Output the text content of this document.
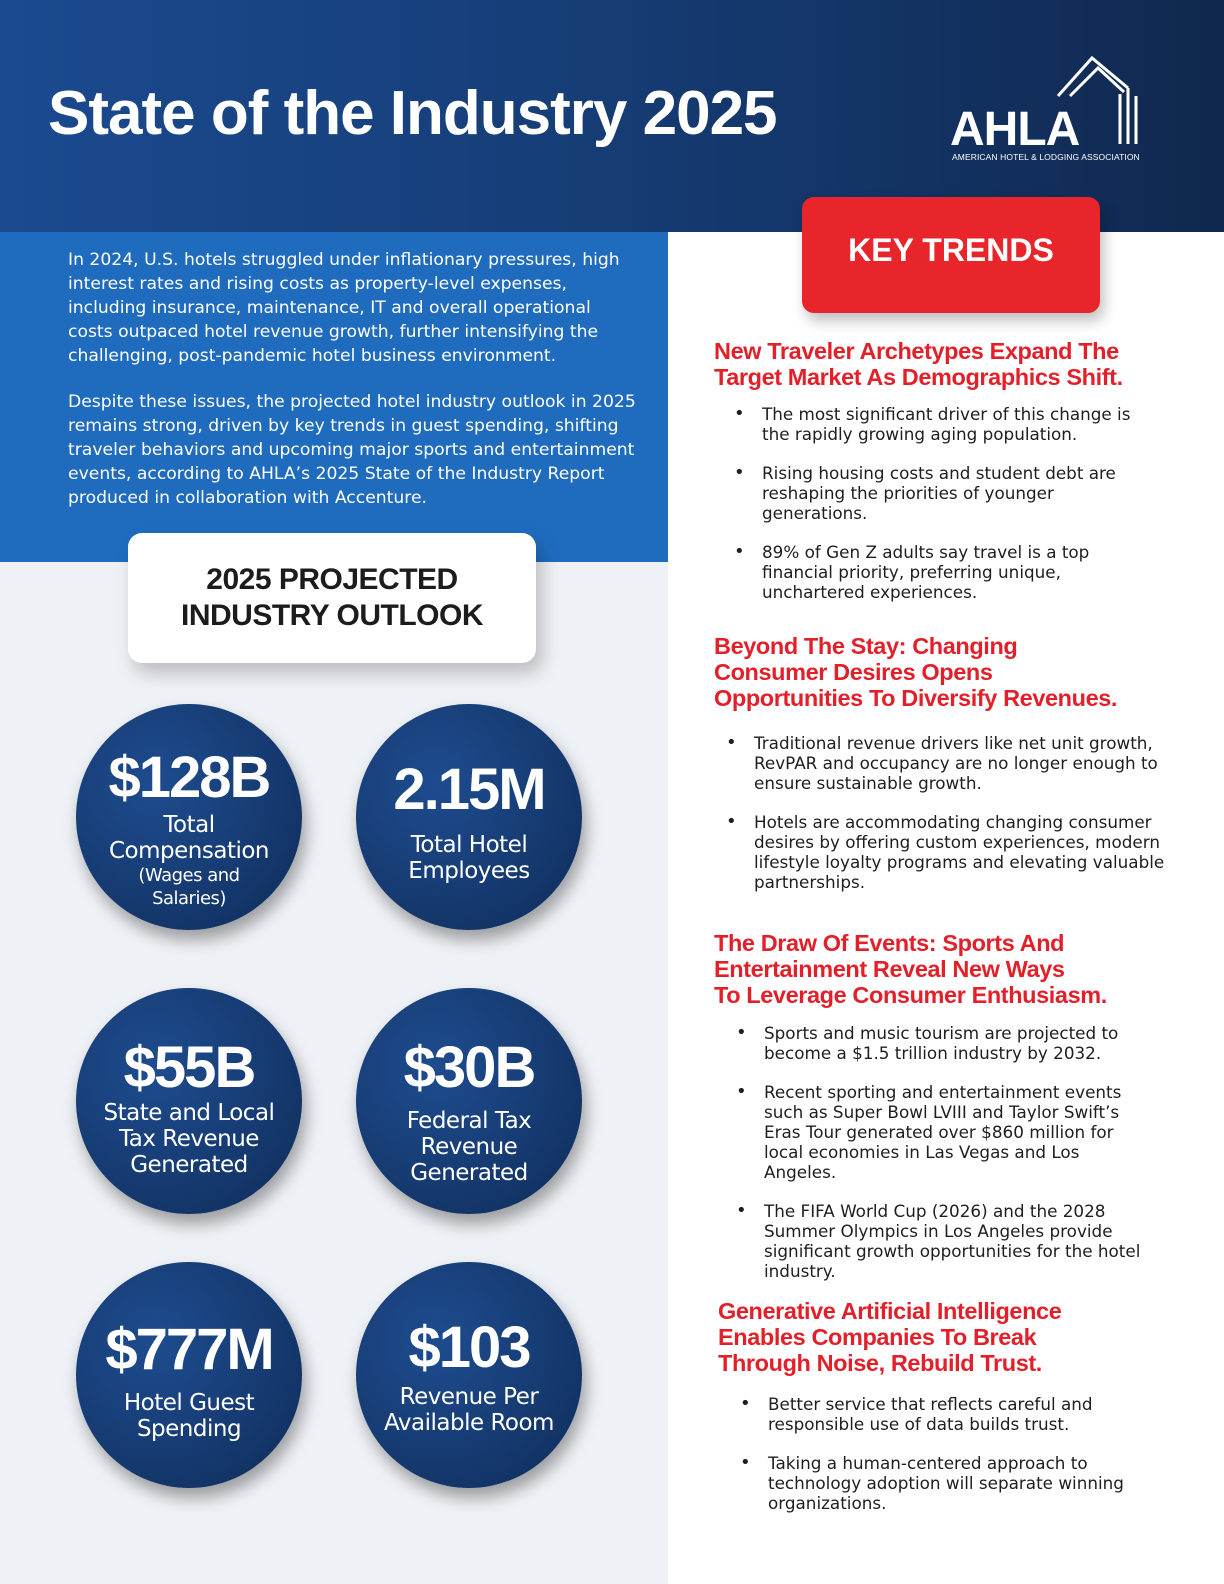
State of the Industry 2025	AHLA
AMERICAN HOTEL & LODGING ASSOCIATION

In 2024, U.S. hotels struggled under inflationary pressures, high interest rates and rising costs as property-level expenses, including insurance, maintenance, IT and overall operational costs outpaced hotel revenue growth, further intensifying the challenging, post-pandemic hotel business environment.

Despite these issues, the projected hotel industry outlook in 2025 remains strong, driven by key trends in guest spending, shifting traveler behaviors and upcoming major sports and entertainment events, according to AHLA’s 2025 State of the Industry Report produced in collaboration with Accenture.

2025 PROJECTED
INDUSTRY OUTLOOK
$128B
Total
Compensation
(Wages and
Salaries)
2.15M
Total Hotel
Employees
$55B
State and Local
Tax Revenue
Generated
$30B
Federal Tax
Revenue
Generated
$777M
Hotel Guest
Spending
$103
Revenue Per
Available Room
KEY TRENDS
New Traveler Archetypes Expand The
Target Market As Demographics Shift.
• The most significant driver of this change is the rapidly growing aging population.
• Rising housing costs and student debt are reshaping the priorities of younger generations.
• 89% of Gen Z adults say travel is a top financial priority, preferring unique, unchartered experiences.
Beyond The Stay: Changing
Consumer Desires Opens
Opportunities To Diversify Revenues.
• Traditional revenue drivers like net unit growth, RevPAR and occupancy are no longer enough to ensure sustainable growth.
• Hotels are accommodating changing consumer desires by offering custom experiences, modern lifestyle loyalty programs and elevating valuable partnerships.
The Draw Of Events: Sports And
Entertainment Reveal New Ways
To Leverage Consumer Enthusiasm.
• Sports and music tourism are projected to become a $1.5 trillion industry by 2032.
• Recent sporting and entertainment events such as Super Bowl LVIII and Taylor Swift’s Eras Tour generated over $860 million for local economies in Las Vegas and Los Angeles.
• The FIFA World Cup (2026) and the 2028 Summer Olympics in Los Angeles provide significant growth opportunities for the hotel industry.
Generative Artificial Intelligence
Enables Companies To Break
Through Noise, Rebuild Trust.
• Better service that reflects careful and responsible use of data builds trust.
• Taking a human-centered approach to technology adoption will separate winning organizations.
